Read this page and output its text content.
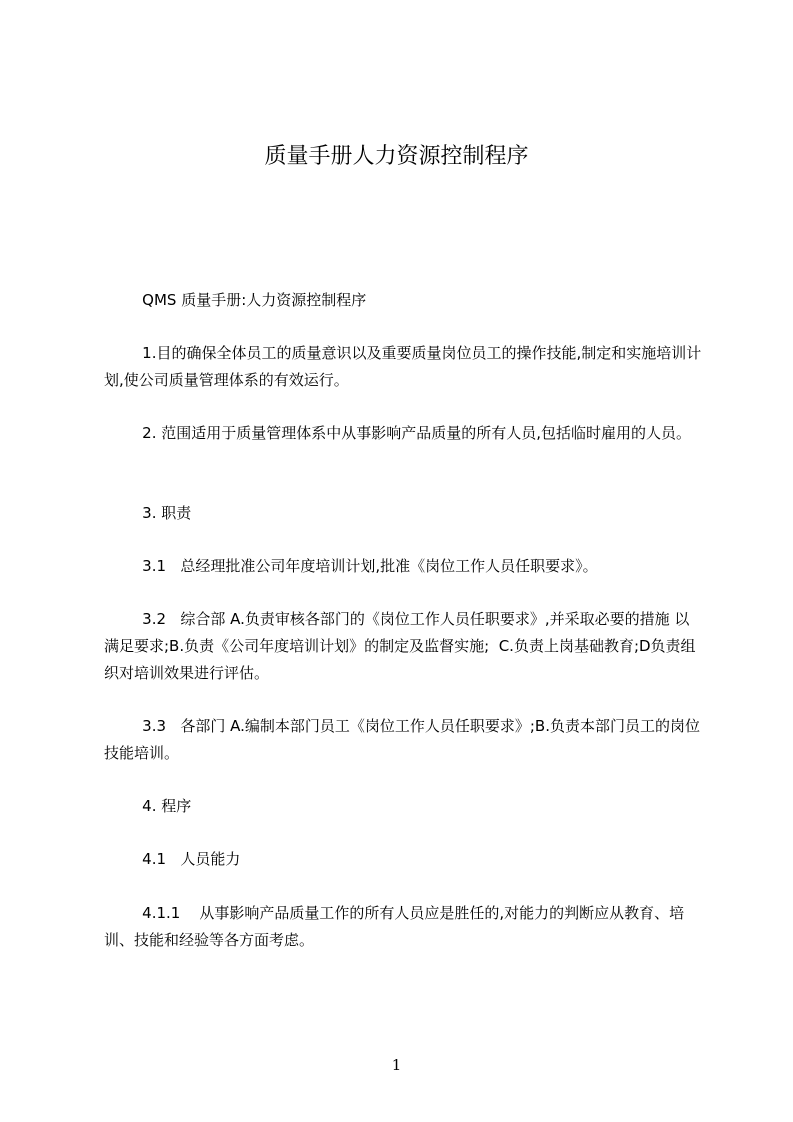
质量手册人力资源控制程序

QMS 质量手册:人力资源控制程序

1.目的确保全体员工的质量意识以及重要质量岗位员工的操作技能,制定和实施培训计划,使公司质量管理体系的有效运行。

2. 范围适用于质量管理体系中从事影响产品质量的所有人员,包括临时雇用的人员。

3. 职责

3.1   总经理批准公司年度培训计划,批准《岗位工作人员任职要求》。

3.2   综合部 A.负责审核各部门的《岗位工作人员任职要求》,并采取必要的措施 以满足要求;B.负责《公司年度培训计划》的制定及监督实施;  C.负责上岗基础教育;D负责组织对培训效果进行评估。

3.3   各部门 A.编制本部门员工《岗位工作人员任职要求》;B.负责本部门员工的岗位技能培训。

4. 程序

4.1   人员能力

4.1.1    从事影响产品质量工作的所有人员应是胜任的,对能力的判断应从教育、培训、技能和经验等各方面考虑。

1
